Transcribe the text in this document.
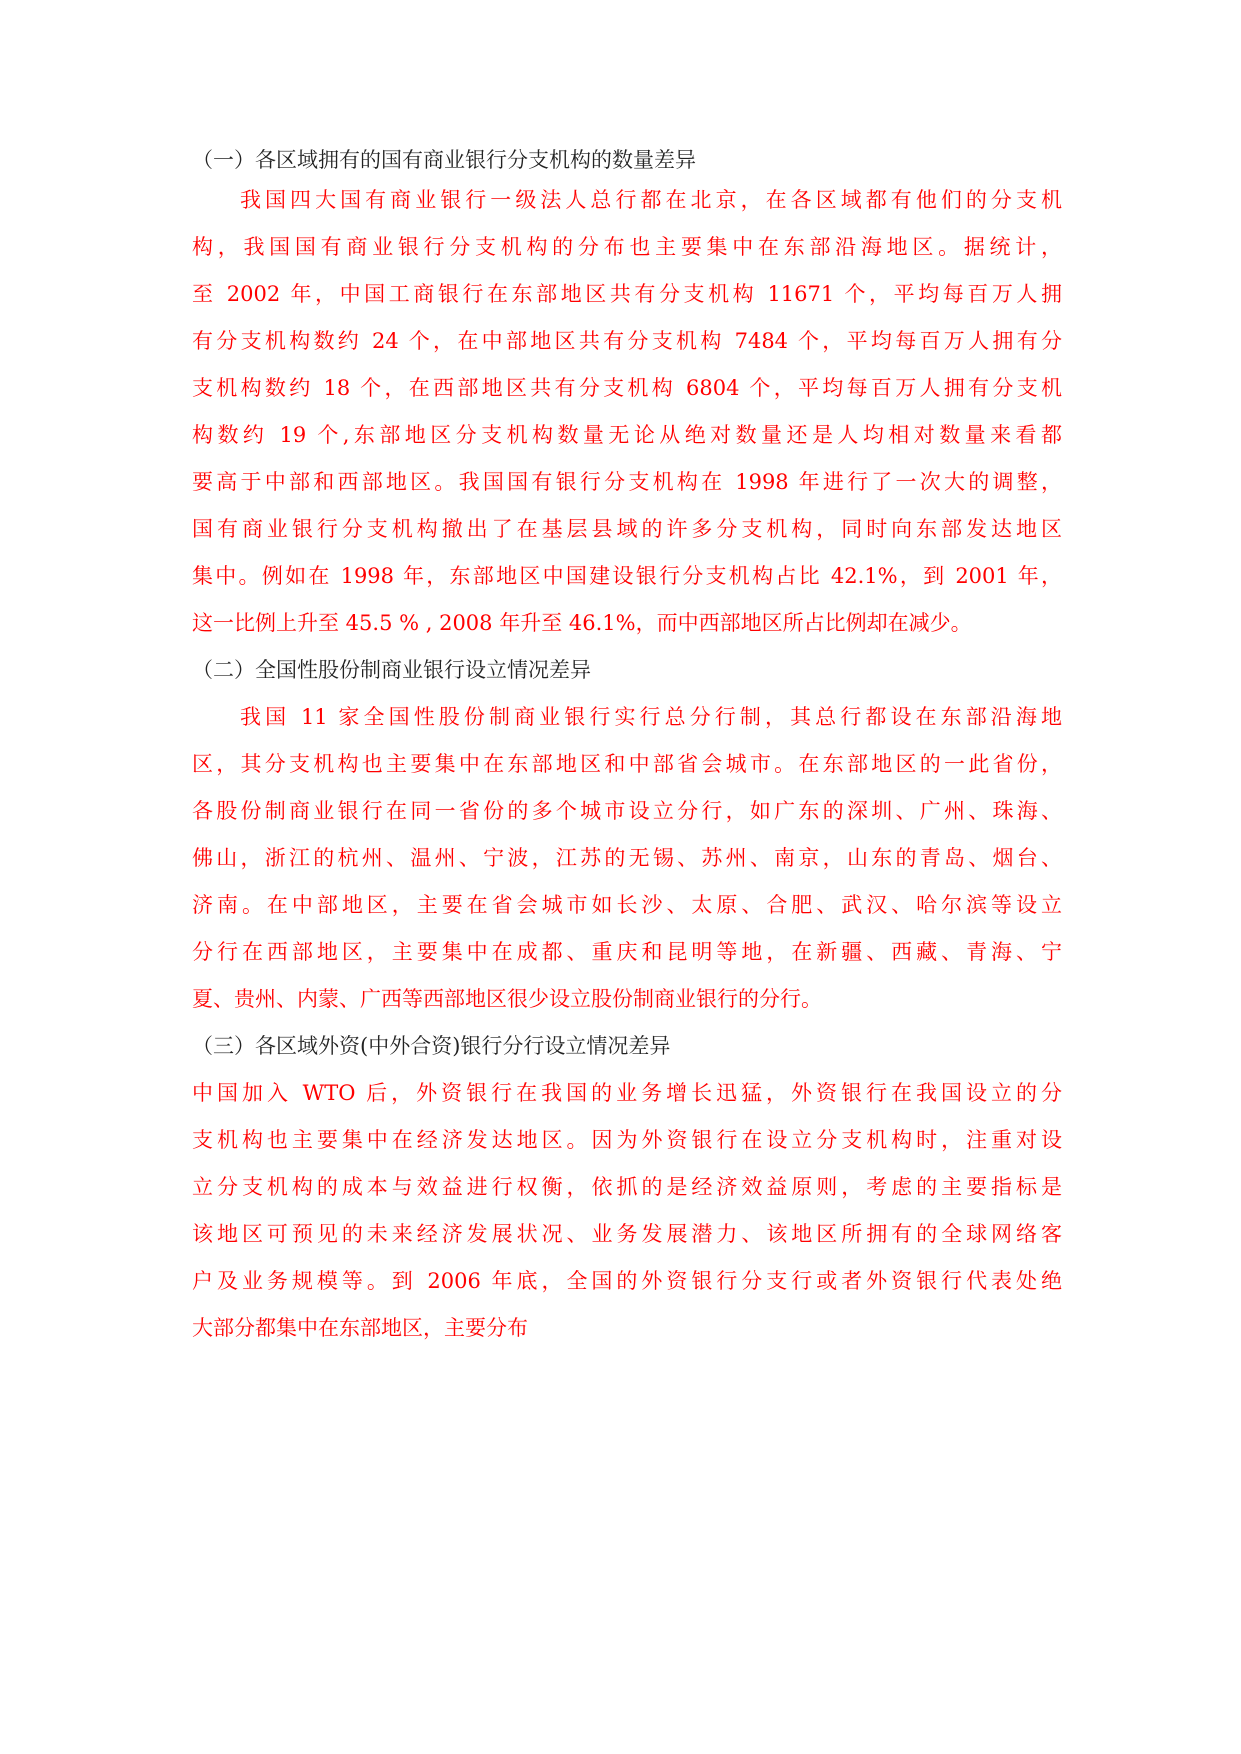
（一）各区域拥有的国有商业银行分支机构的数量差异
我国四大国有商业银行一级法人总行都在北京，在各区域都有他们的分支机
构，我国国有商业银行分支机构的分布也主要集中在东部沿海地区。据统计，
至 2002 年，中国工商银行在东部地区共有分支机构 11671 个，平均每百万人拥
有分支机构数约 24 个，在中部地区共有分支机构 7484 个，平均每百万人拥有分
支机构数约 18 个，在西部地区共有分支机构 6804 个，平均每百万人拥有分支机
构数约 19 个,东部地区分支机构数量无论从绝对数量还是人均相对数量来看都
要高于中部和西部地区。我国国有银行分支机构在 1998 年进行了一次大的调整，
国有商业银行分支机构撤出了在基层县域的许多分支机构，同时向东部发达地区
集中。例如在 1998 年，东部地区中国建设银行分支机构占比 42.1%，到 2001 年，
这一比例上升至 45.5 % , 2008 年升至 46.1%，而中西部地区所占比例却在减少。
（二）全国性股份制商业银行设立情况差异
我国 11 家全国性股份制商业银行实行总分行制，其总行都设在东部沿海地
区，其分支机构也主要集中在东部地区和中部省会城市。在东部地区的一此省份，
各股份制商业银行在同一省份的多个城市设立分行，如广东的深圳、广州、珠海、
佛山，浙江的杭州、温州、宁波，江苏的无锡、苏州、南京，山东的青岛、烟台、
济南。在中部地区，主要在省会城市如长沙、太原、合肥、武汉、哈尔滨等设立
分行在西部地区，主要集中在成都、重庆和昆明等地，在新疆、西藏、青海、宁
夏、贵州、内蒙、广西等西部地区很少设立股份制商业银行的分行。
（三）各区域外资(中外合资)银行分行设立情况差异
中国加入 WTO 后，外资银行在我国的业务增长迅猛，外资银行在我国设立的分
支机构也主要集中在经济发达地区。因为外资银行在设立分支机构时，注重对设
立分支机构的成本与效益进行权衡，依抓的是经济效益原则，考虑的主要指标是
该地区可预见的未来经济发展状况、业务发展潜力、该地区所拥有的全球网络客
户及业务规模等。到 2006 年底，全国的外资银行分支行或者外资银行代表处绝
大部分都集中在东部地区，主要分布
